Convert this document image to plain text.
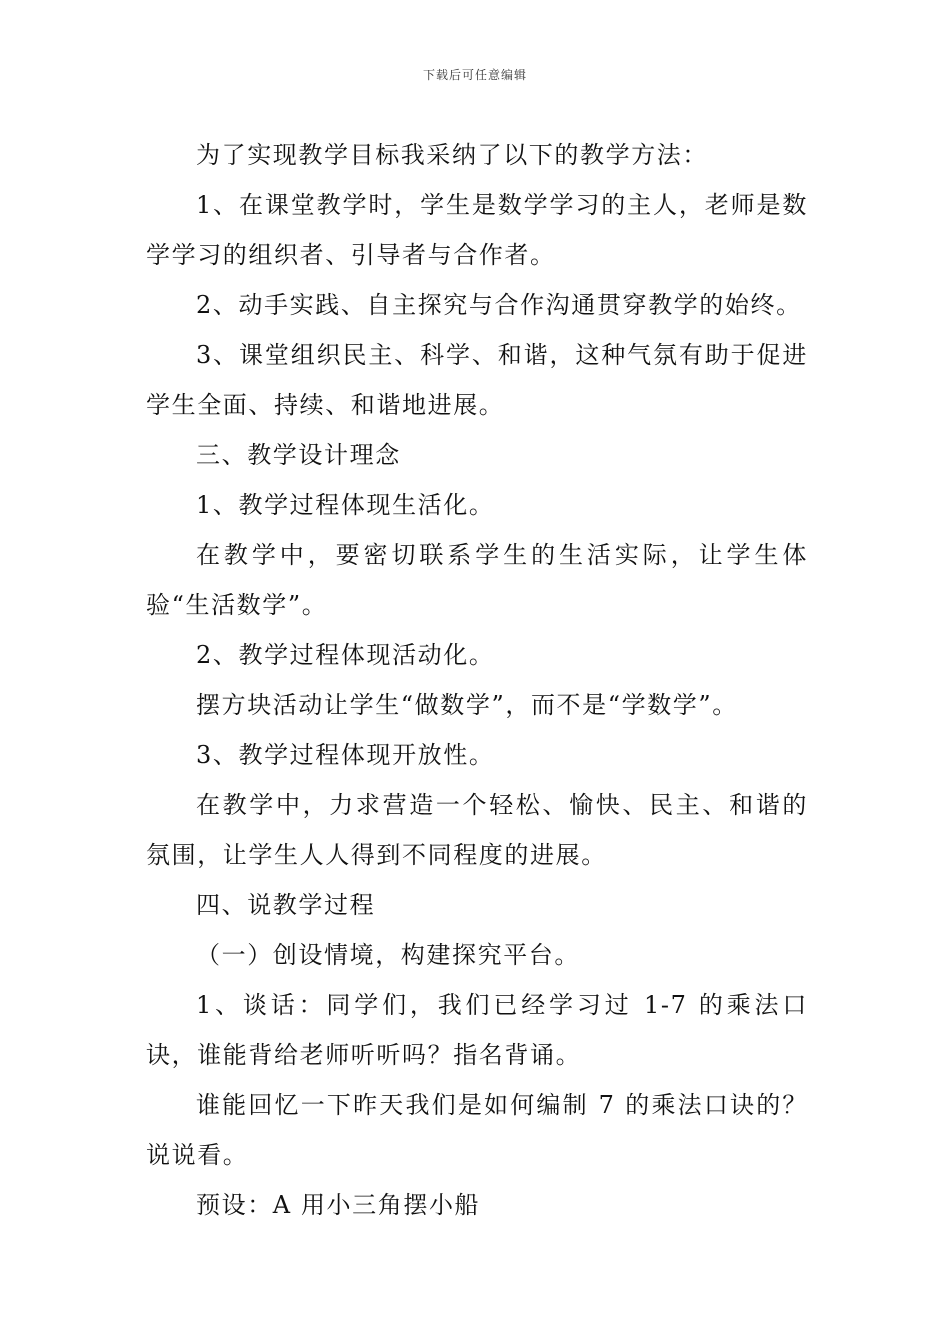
下载后可任意编辑

为了实现教学目标我采纳了以下的教学方法：

1、在课堂教学时，学生是数学学习的主人，老师是数学学习的组织者、引导者与合作者。

2、动手实践、自主探究与合作沟通贯穿教学的始终。

3、课堂组织民主、科学、和谐，这种气氛有助于促进学生全面、持续、和谐地进展。

三、教学设计理念

1、教学过程体现生活化。

在教学中，要密切联系学生的生活实际，让学生体验“生活数学”。

2、教学过程体现活动化。

摆方块活动让学生“做数学”，而不是“学数学”。

3、教学过程体现开放性。

在教学中，力求营造一个轻松、愉快、民主、和谐的氛围，让学生人人得到不同程度的进展。

四、说教学过程

（一）创设情境，构建探究平台。

1、谈话：同学们，我们已经学习过 1-7 的乘法口诀，谁能背给老师听听吗？指名背诵。

谁能回忆一下昨天我们是如何编制 7 的乘法口诀的？说说看。

预设：A 用小三角摆小船
